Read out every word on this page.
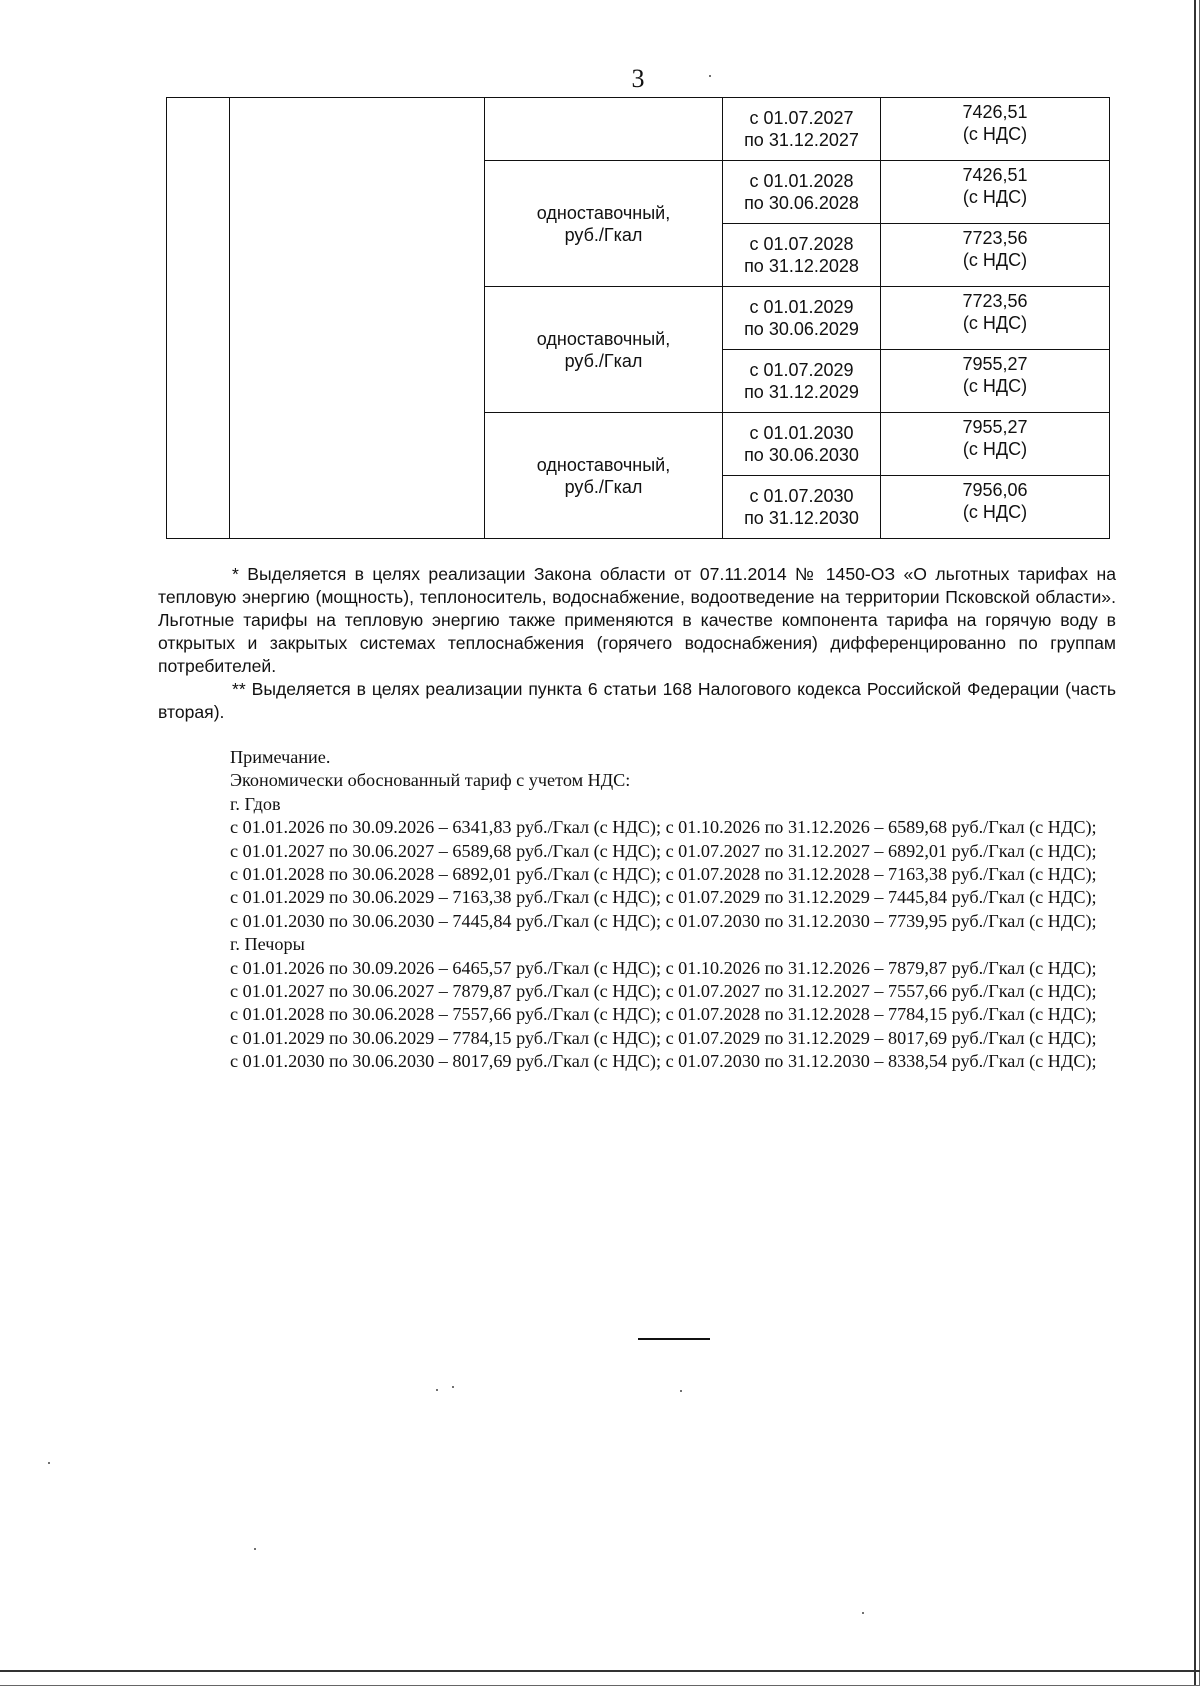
3
			с 01.07.2027
по 31.12.2027	7426,51
(с НДС)
		одноставочный,
руб./Гкал	с 01.01.2028
по 30.06.2028	7426,51
(с НДС)
			с 01.07.2028
по 31.12.2028	7723,56
(с НДС)
		одноставочный,
руб./Гкал	с 01.01.2029
по 30.06.2029	7723,56
(с НДС)
			с 01.07.2029
по 31.12.2029	7955,27
(с НДС)
		одноставочный,
руб./Гкал	с 01.01.2030
по 30.06.2030	7955,27
(с НДС)
			с 01.07.2030
по 31.12.2030	7956,06
(с НДС)

* Выделяется в целях реализации Закона области от 07.11.2014 № 1450-ОЗ «О льготных тарифах на тепловую энергию (мощность), теплоноситель, водоснабжение, водоотведение на территории Псковской области». Льготные тарифы на тепловую энергию также применяются в качестве компонента тарифа на горячую воду в открытых и закрытых системах теплоснабжения (горячего водоснабжения) дифференцированно по группам потребителей.

** Выделяется в целях реализации пункта 6 статьи 168 Налогового кодекса Российской Федерации (часть вторая).

Примечание.

Экономически обоснованный тариф с учетом НДС:

г. Гдов

с 01.01.2026 по 30.09.2026 – 6341,83 руб./Гкал (с НДС); с 01.10.2026 по 31.12.2026 – 6589,68 руб./Гкал (с НДС);

с 01.01.2027 по 30.06.2027 – 6589,68 руб./Гкал (с НДС); с 01.07.2027 по 31.12.2027 – 6892,01 руб./Гкал (с НДС);

с 01.01.2028 по 30.06.2028 – 6892,01 руб./Гкал (с НДС); с 01.07.2028 по 31.12.2028 – 7163,38 руб./Гкал (с НДС);

с 01.01.2029 по 30.06.2029 – 7163,38 руб./Гкал (с НДС); с 01.07.2029 по 31.12.2029 – 7445,84 руб./Гкал (с НДС);

с 01.01.2030 по 30.06.2030 – 7445,84 руб./Гкал (с НДС); с 01.07.2030 по 31.12.2030 – 7739,95 руб./Гкал (с НДС);

г. Печоры

с 01.01.2026 по 30.09.2026 – 6465,57 руб./Гкал (с НДС); с 01.10.2026 по 31.12.2026 – 7879,87 руб./Гкал (с НДС);

с 01.01.2027 по 30.06.2027 – 7879,87 руб./Гкал (с НДС); с 01.07.2027 по 31.12.2027 – 7557,66 руб./Гкал (с НДС);

с 01.01.2028 по 30.06.2028 – 7557,66 руб./Гкал (с НДС); с 01.07.2028 по 31.12.2028 – 7784,15 руб./Гкал (с НДС);

с 01.01.2029 по 30.06.2029 – 7784,15 руб./Гкал (с НДС); с 01.07.2029 по 31.12.2029 – 8017,69 руб./Гкал (с НДС);

с 01.01.2030 по 30.06.2030 – 8017,69 руб./Гкал (с НДС); с 01.07.2030 по 31.12.2030 – 8338,54 руб./Гкал (с НДС);
